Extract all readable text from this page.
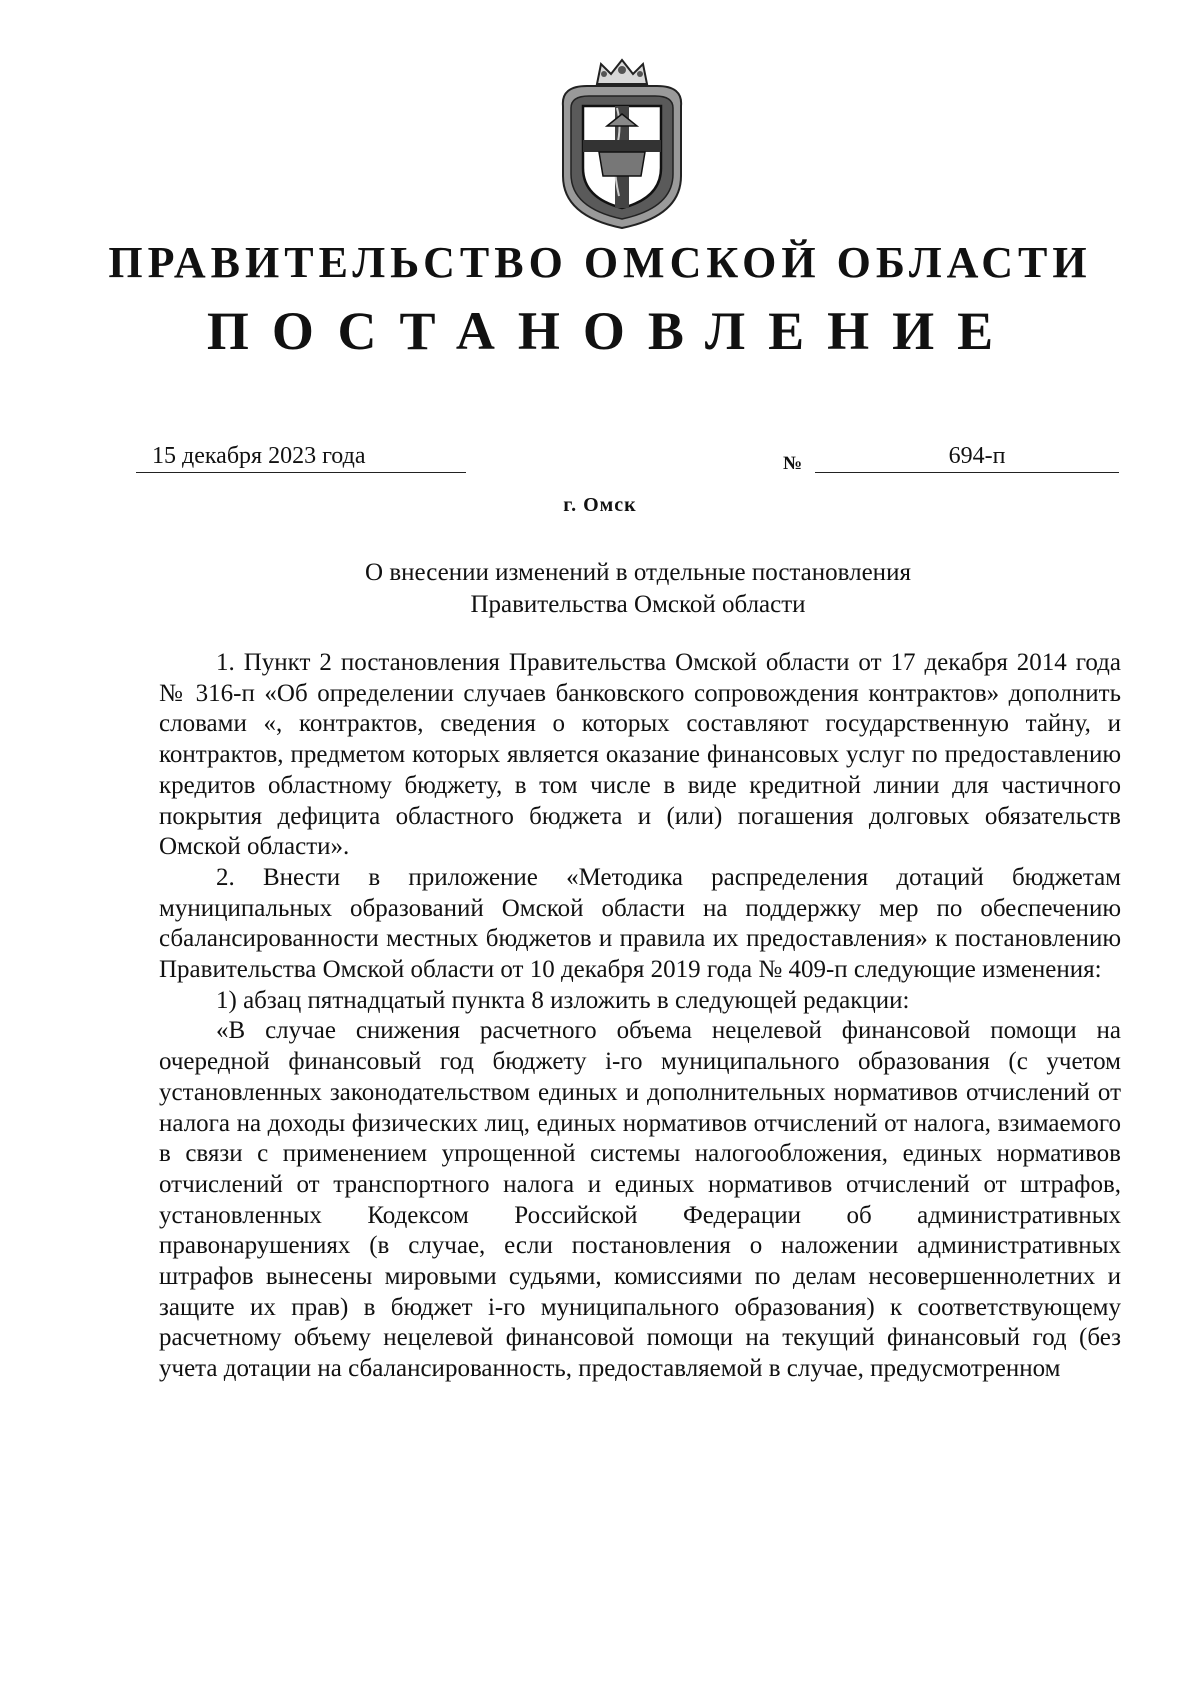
ПРАВИТЕЛЬСТВО ОМСКОЙ ОБЛАСТИ
ПОСТАНОВЛЕНИЕ
15 декабря 2023 года	№	694-п
г. Омск
О внесении изменений в отдельные постановления
Правительства Омской области

1. Пункт 2 постановления Правительства Омской области от 17 декабря 2014 года № 316-п «Об определении случаев банковского сопровождения контрактов» дополнить словами «, контрактов, сведения о которых составляют государственную тайну, и контрактов, предметом которых является оказание финансовых услуг по предоставлению кредитов областному бюджету, в том числе в виде кредитной линии для частичного покрытия дефицита областного бюджета и (или) погашения долговых обязательств Омской области».

2. Внести в приложение «Методика распределения дотаций бюджетам муниципальных образований Омской области на поддержку мер по обеспечению сбалансированности местных бюджетов и правила их предоставления» к постановлению Правительства Омской области от 10 декабря 2019 года № 409-п следующие изменения:

1) абзац пятнадцатый пункта 8 изложить в следующей редакции:

«В случае снижения расчетного объема нецелевой финансовой помощи на очередной финансовый год бюджету i-го муниципального образования (с учетом установленных законодательством единых и дополнительных нормативов отчислений от налога на доходы физических лиц, единых нормативов отчислений от налога, взимаемого в связи с применением упрощенной системы налогообложения, единых нормативов отчислений от транспортного налога и единых нормативов отчислений от штрафов, установленных Кодексом Российской Федерации об административных правонарушениях (в случае, если постановления о наложении административных штрафов вынесены мировыми судьями, комиссиями по делам несовершеннолетних и защите их прав) в бюджет i-го муниципального образования) к соответствующему расчетному объему нецелевой финансовой помощи на текущий финансовый год (без учета дотации на сбалансированность, предоставляемой в случае, предусмотренном
